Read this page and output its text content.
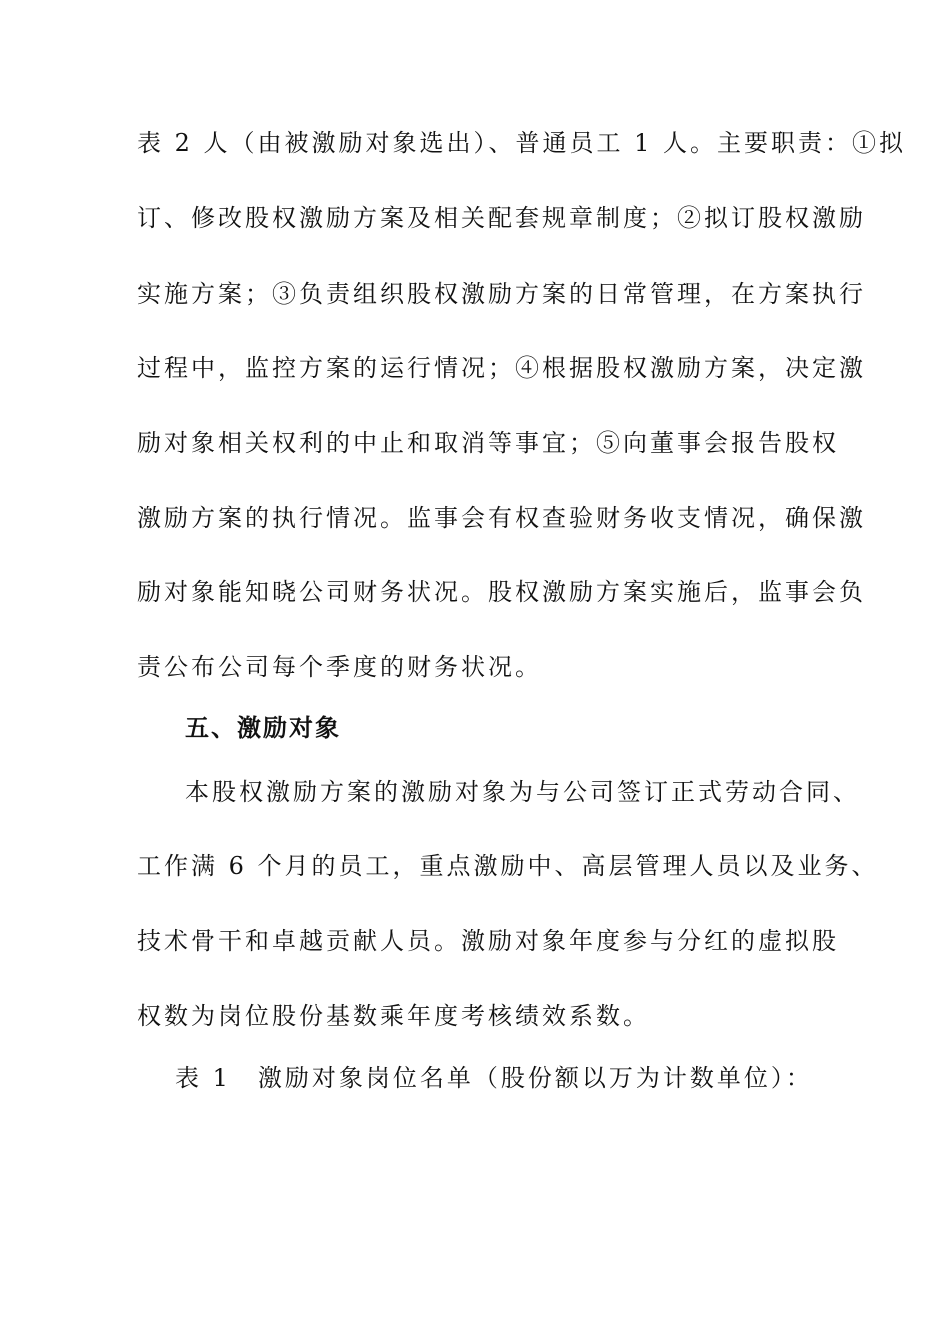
表 2 人（由被激励对象选出）、普通员工 1 人。主要职责：①拟
订、修改股权激励方案及相关配套规章制度；②拟订股权激励
实施方案；③负责组织股权激励方案的日常管理，在方案执行
过程中，监控方案的运行情况；④根据股权激励方案，决定激
励对象相关权利的中止和取消等事宜；⑤向董事会报告股权
激励方案的执行情况。监事会有权查验财务收支情况，确保激
励对象能知晓公司财务状况。股权激励方案实施后，监事会负
责公布公司每个季度的财务状况。
五、激励对象
本股权激励方案的激励对象为与公司签订正式劳动合同、
工作满 6 个月的员工，重点激励中、高层管理人员以及业务、
技术骨干和卓越贡献人员。激励对象年度参与分红的虚拟股
权数为岗位股份基数乘年度考核绩效系数。
表 1　激励对象岗位名单（股份额以万为计数单位）：
